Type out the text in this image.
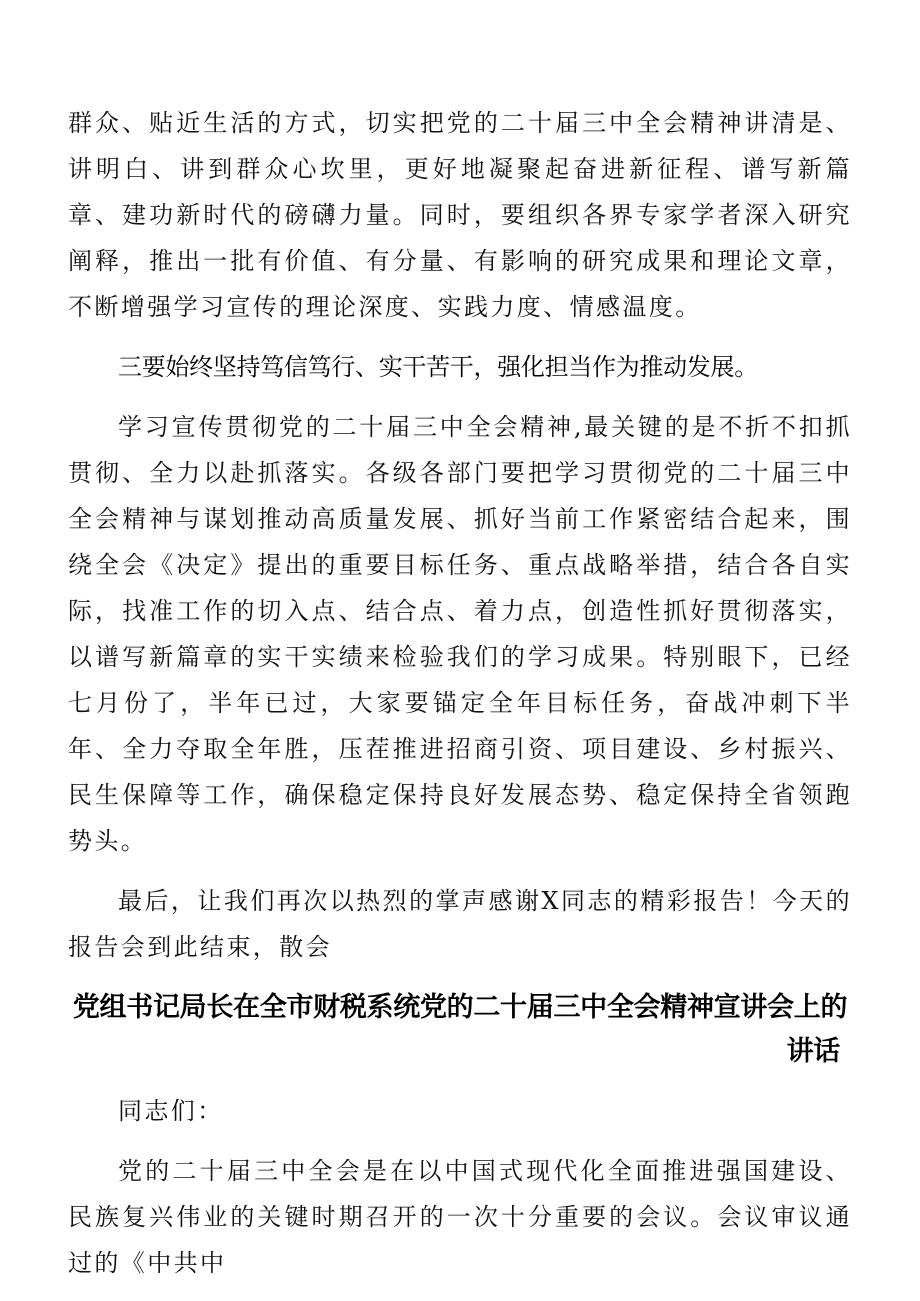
群众、贴近生活的方式，切实把党的二十届三中全会精神讲清是、讲明白、讲到群众心坎里，更好地凝聚起奋进新征程、谱写新篇章、建功新时代的磅礴力量。同时，要组织各界专家学者深入研究阐释，推出一批有价值、有分量、有影响的研究成果和理论文章，不断增强学习宣传的理论深度、实践力度、情感温度。

三要始终坚持笃信笃行、实干苦干，强化担当作为推动发展。

学习宣传贯彻党的二十届三中全会精神,最关键的是不折不扣抓贯彻、全力以赴抓落实。各级各部门要把学习贯彻党的二十届三中全会精神与谋划推动高质量发展、抓好当前工作紧密结合起来，围绕全会《决定》提出的重要目标任务、重点战略举措，结合各自实际，找准工作的切入点、结合点、着力点，创造性抓好贯彻落实，以谱写新篇章的实干实绩来检验我们的学习成果。特别眼下，已经七月份了，半年已过，大家要锚定全年目标任务，奋战冲刺下半年、全力夺取全年胜，压茬推进招商引资、项目建设、乡村振兴、民生保障等工作，确保稳定保持良好发展态势、稳定保持全省领跑势头。

最后，让我们再次以热烈的掌声感谢X同志的精彩报告！今天的报告会到此结束，散会

党组书记局长在全市财税系统党的二十届三中全会精神宣讲会上的
讲话

同志们：

党的二十届三中全会是在以中国式现代化全面推进强国建设、民族复兴伟业的关键时期召开的一次十分重要的会议。会议审议通过的《中共中
